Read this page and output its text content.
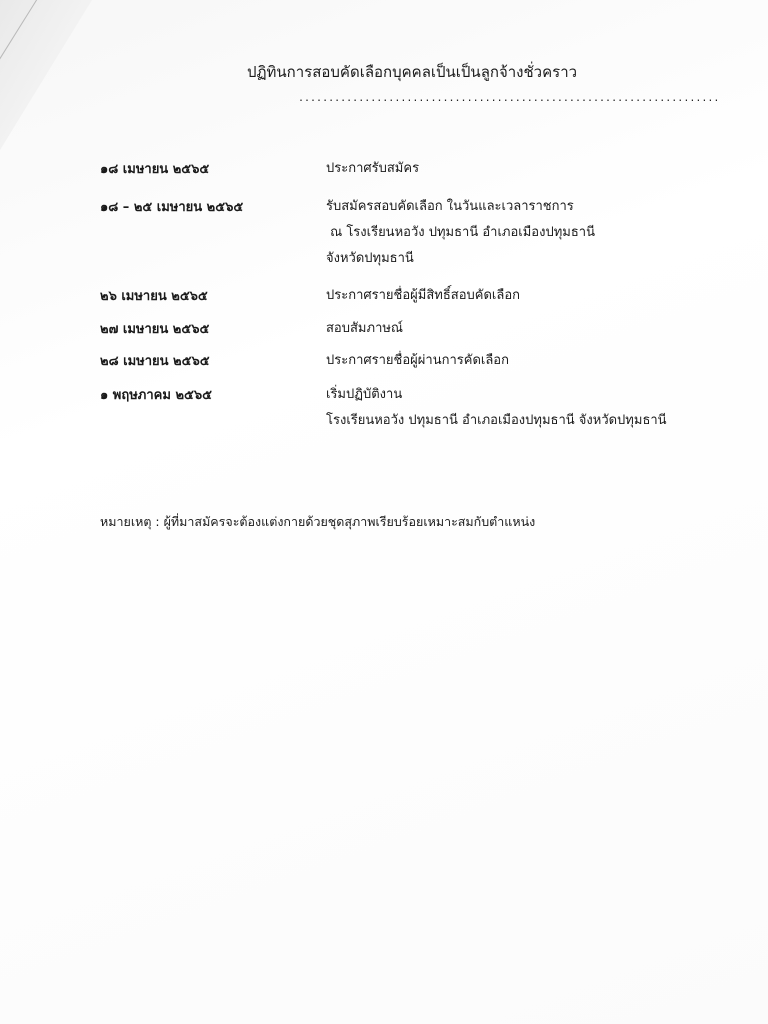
ปฏิทินการสอบคัดเลือกบุคคลเป็นเป็นลูกจ้างชั่วคราว
......................................................................
๑๘ เมษายน ๒๕๖๕	ประกาศรับสมัคร
๑๘ – ๒๕ เมษายน ๒๕๖๕	รับสมัครสอบคัดเลือก ในวันและเวลาราชการ
ณ โรงเรียนหอวัง ปทุมธานี อำเภอเมืองปทุมธานี
จังหวัดปทุมธานี
๒๖ เมษายน ๒๕๖๕	ประกาศรายชื่อผู้มีสิทธิ์สอบคัดเลือก
๒๗ เมษายน ๒๕๖๕	สอบสัมภาษณ์
๒๘ เมษายน ๒๕๖๕	ประกาศรายชื่อผู้ผ่านการคัดเลือก
๑ พฤษภาคม ๒๕๖๕	เริ่มปฏิบัติงาน
โรงเรียนหอวัง ปทุมธานี อำเภอเมืองปทุมธานี จังหวัดปทุมธานี
หมายเหตุ : ผู้ที่มาสมัครจะต้องแต่งกายด้วยชุดสุภาพเรียบร้อยเหมาะสมกับตำแหน่ง
